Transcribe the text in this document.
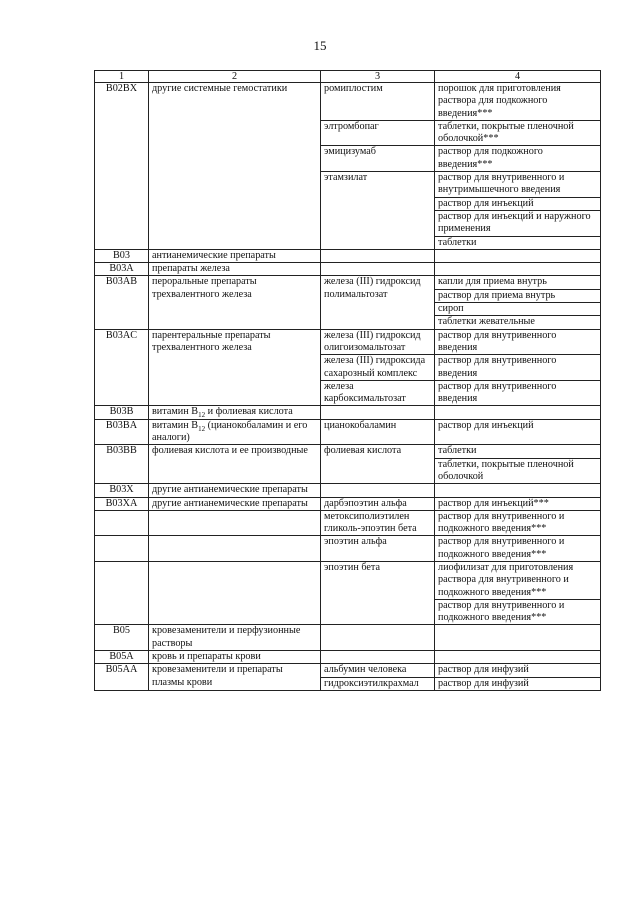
15
1	2	3	4
B02BX	другие системные гемостатики	ромиплостим	порошок для приготовления раствора для подкожного введения***
		элтромбопаг	таблетки, покрытые пленочной оболочкой***
		эмицизумаб	раствор для подкожного введения***
		этамзилат	раствор для внутривенного и внутримышечного введения
			раствор для инъекций
			раствор для инъекций и наружного применения
			таблетки
B03	антианемические препараты		
B03A	препараты железа		
B03AB	пероральные препараты трехвалентного железа	железа (III) гидроксид полимальтозат	капли для приема внутрь
			раствор для приема внутрь
			сироп
			таблетки жевательные
B03AC	парентеральные препараты трехвалентного железа	железа (III) гидроксид олигоизомальтозат	раствор для внутривенного введения
		железа (III) гидроксида сахарозный комплекс	раствор для внутривенного введения
		железа карбоксимальтозат	раствор для внутривенного введения
B03B	витамин $B_{12}$ и фолиевая кислота		
B03BA	витамин $B_{12}$ (цианокобаламин и его аналоги)	цианокобаламин	раствор для инъекций
B03BB	фолиевая кислота и ее производные	фолиевая кислота	таблетки
			таблетки, покрытые пленочной оболочкой
B03X	другие антианемические препараты		
B03XA	другие антианемические препараты	дарбэпоэтин альфа	раствор для инъекций***
		метоксиполиэтилен гликоль-эпоэтин бета	раствор для внутривенного и подкожного введения***
		эпоэтин альфа	раствор для внутривенного и подкожного введения***
		эпоэтин бета	лиофилизат для приготовления раствора для внутривенного и подкожного введения***
			раствор для внутривенного и подкожного введения***
B05	кровезаменители и перфузионные растворы		
B05A	кровь и препараты крови		
B05AA	кровезаменители и препараты плазмы крови	альбумин человека	раствор для инфузий
		гидроксиэтилкрахмал	раствор для инфузий
